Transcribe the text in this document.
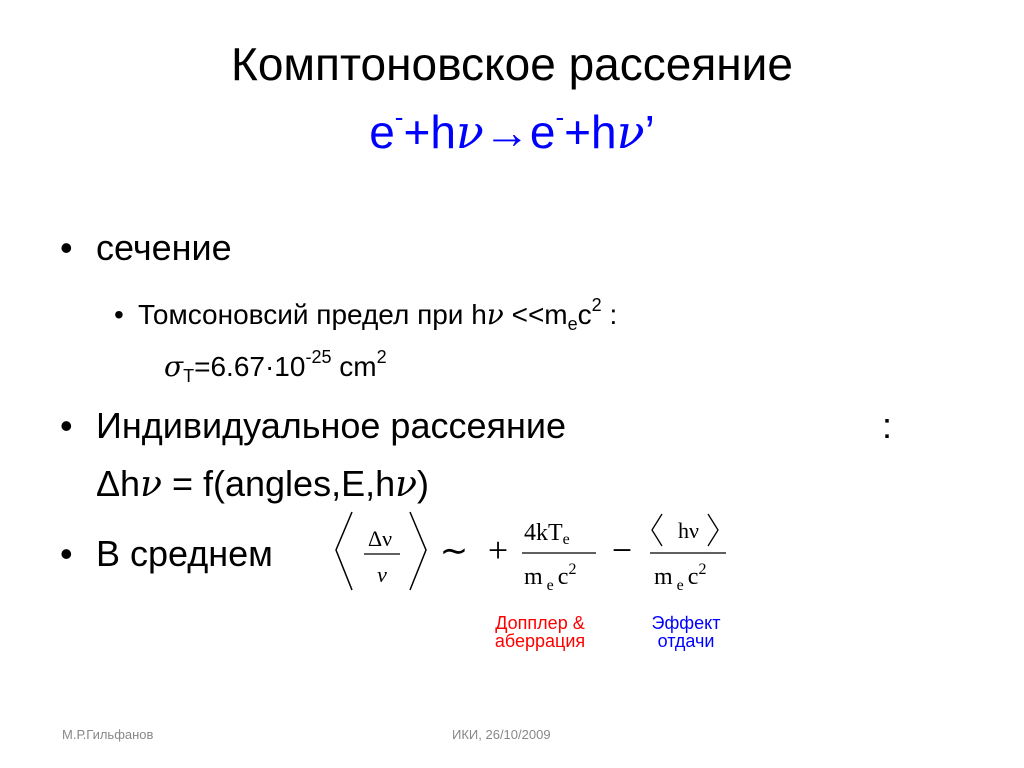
Комптоновское рассеяние
e-+hν→e-+hν’
• сечение
• Томсоновсий предел при $h\nu <<m_ec^2$ :
$\sigma_T=6.67\cdot 10^{-25}$ $cm^2$
• Индивидуальное рассеяние	:
Δhν = f(angles,E,hν)
• В среднем	Δν
ν
∼ + 4kTe
m $_e$ $c^2 - h\nu$
m $_e$ $c^2$
Допплер &
аберрация
Эффект
отдачи
М.Р.Гильфанов	ИКИ, 26/10/2009
